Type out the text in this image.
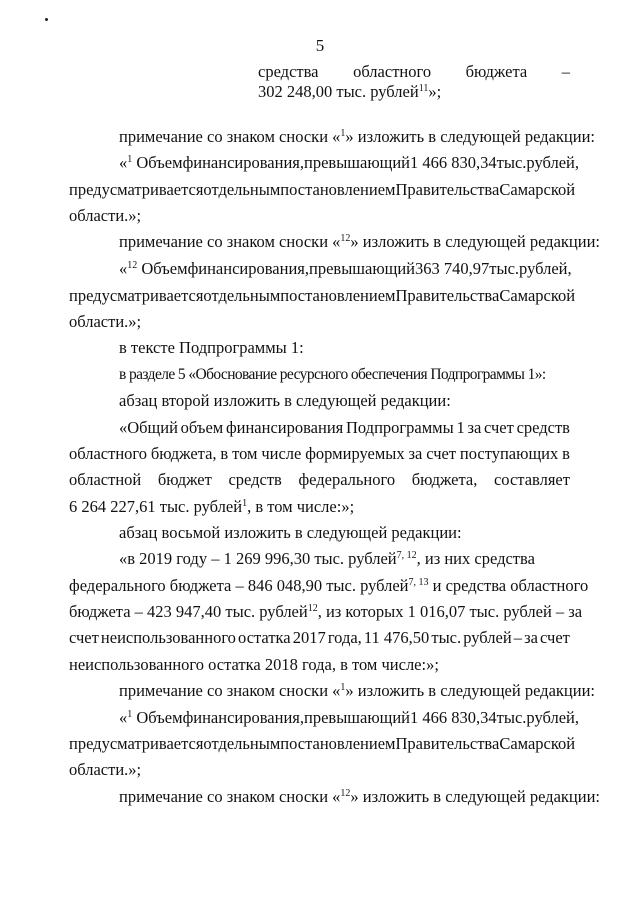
5
средства областного бюджета –
302 248,00 тыс. рублей$^{11}$»;
примечание со знаком сноски «$^1$» изложить в следующей редакции:
«$^1$ Объем финансирования, превышающий 1 466 830,34 тыс. рублей,
предусматривается отдельным постановлением Правительства Самарской
области.»;
примечание со знаком сноски «$^{12}$» изложить в следующей редакции:
«$^{12}$ Объем финансирования, превышающий 363 740,97 тыс. рублей,
предусматривается отдельным постановлением Правительства Самарской
области.»;
в тексте Подпрограммы 1:
в разделе 5 «Обоснование ресурсного обеспечения Подпрограммы 1»:
абзац второй изложить в следующей редакции:
«Общий объем финансирования Подпрограммы 1 за счет средств
областного бюджета, в том числе формируемых за счет поступающих в
областной бюджет средств федерального бюджета, составляет
6 264 227,61 тыс. рублей$^1$, в том числе:»;
абзац восьмой изложить в следующей редакции:
«в 2019 году – 1 269 996,30 тыс. рублей$^{7, 12}$, из них средства
федерального бюджета – 846 048,90 тыс. рублей$^{7, 13}$ и средства областного
бюджета – 423 947,40 тыс. рублей$^{12}$, из которых 1 016,07 тыс. рублей – за
счет неиспользованного остатка 2017 года, 11 476,50 тыс. рублей – за счет
неиспользованного остатка 2018 года, в том числе:»;
примечание со знаком сноски «$^1$» изложить в следующей редакции:
«$^1$ Объем финансирования, превышающий 1 466 830,34 тыс. рублей,
предусматривается отдельным постановлением Правительства Самарской
области.»;
примечание со знаком сноски «$^{12}$» изложить в следующей редакции:
